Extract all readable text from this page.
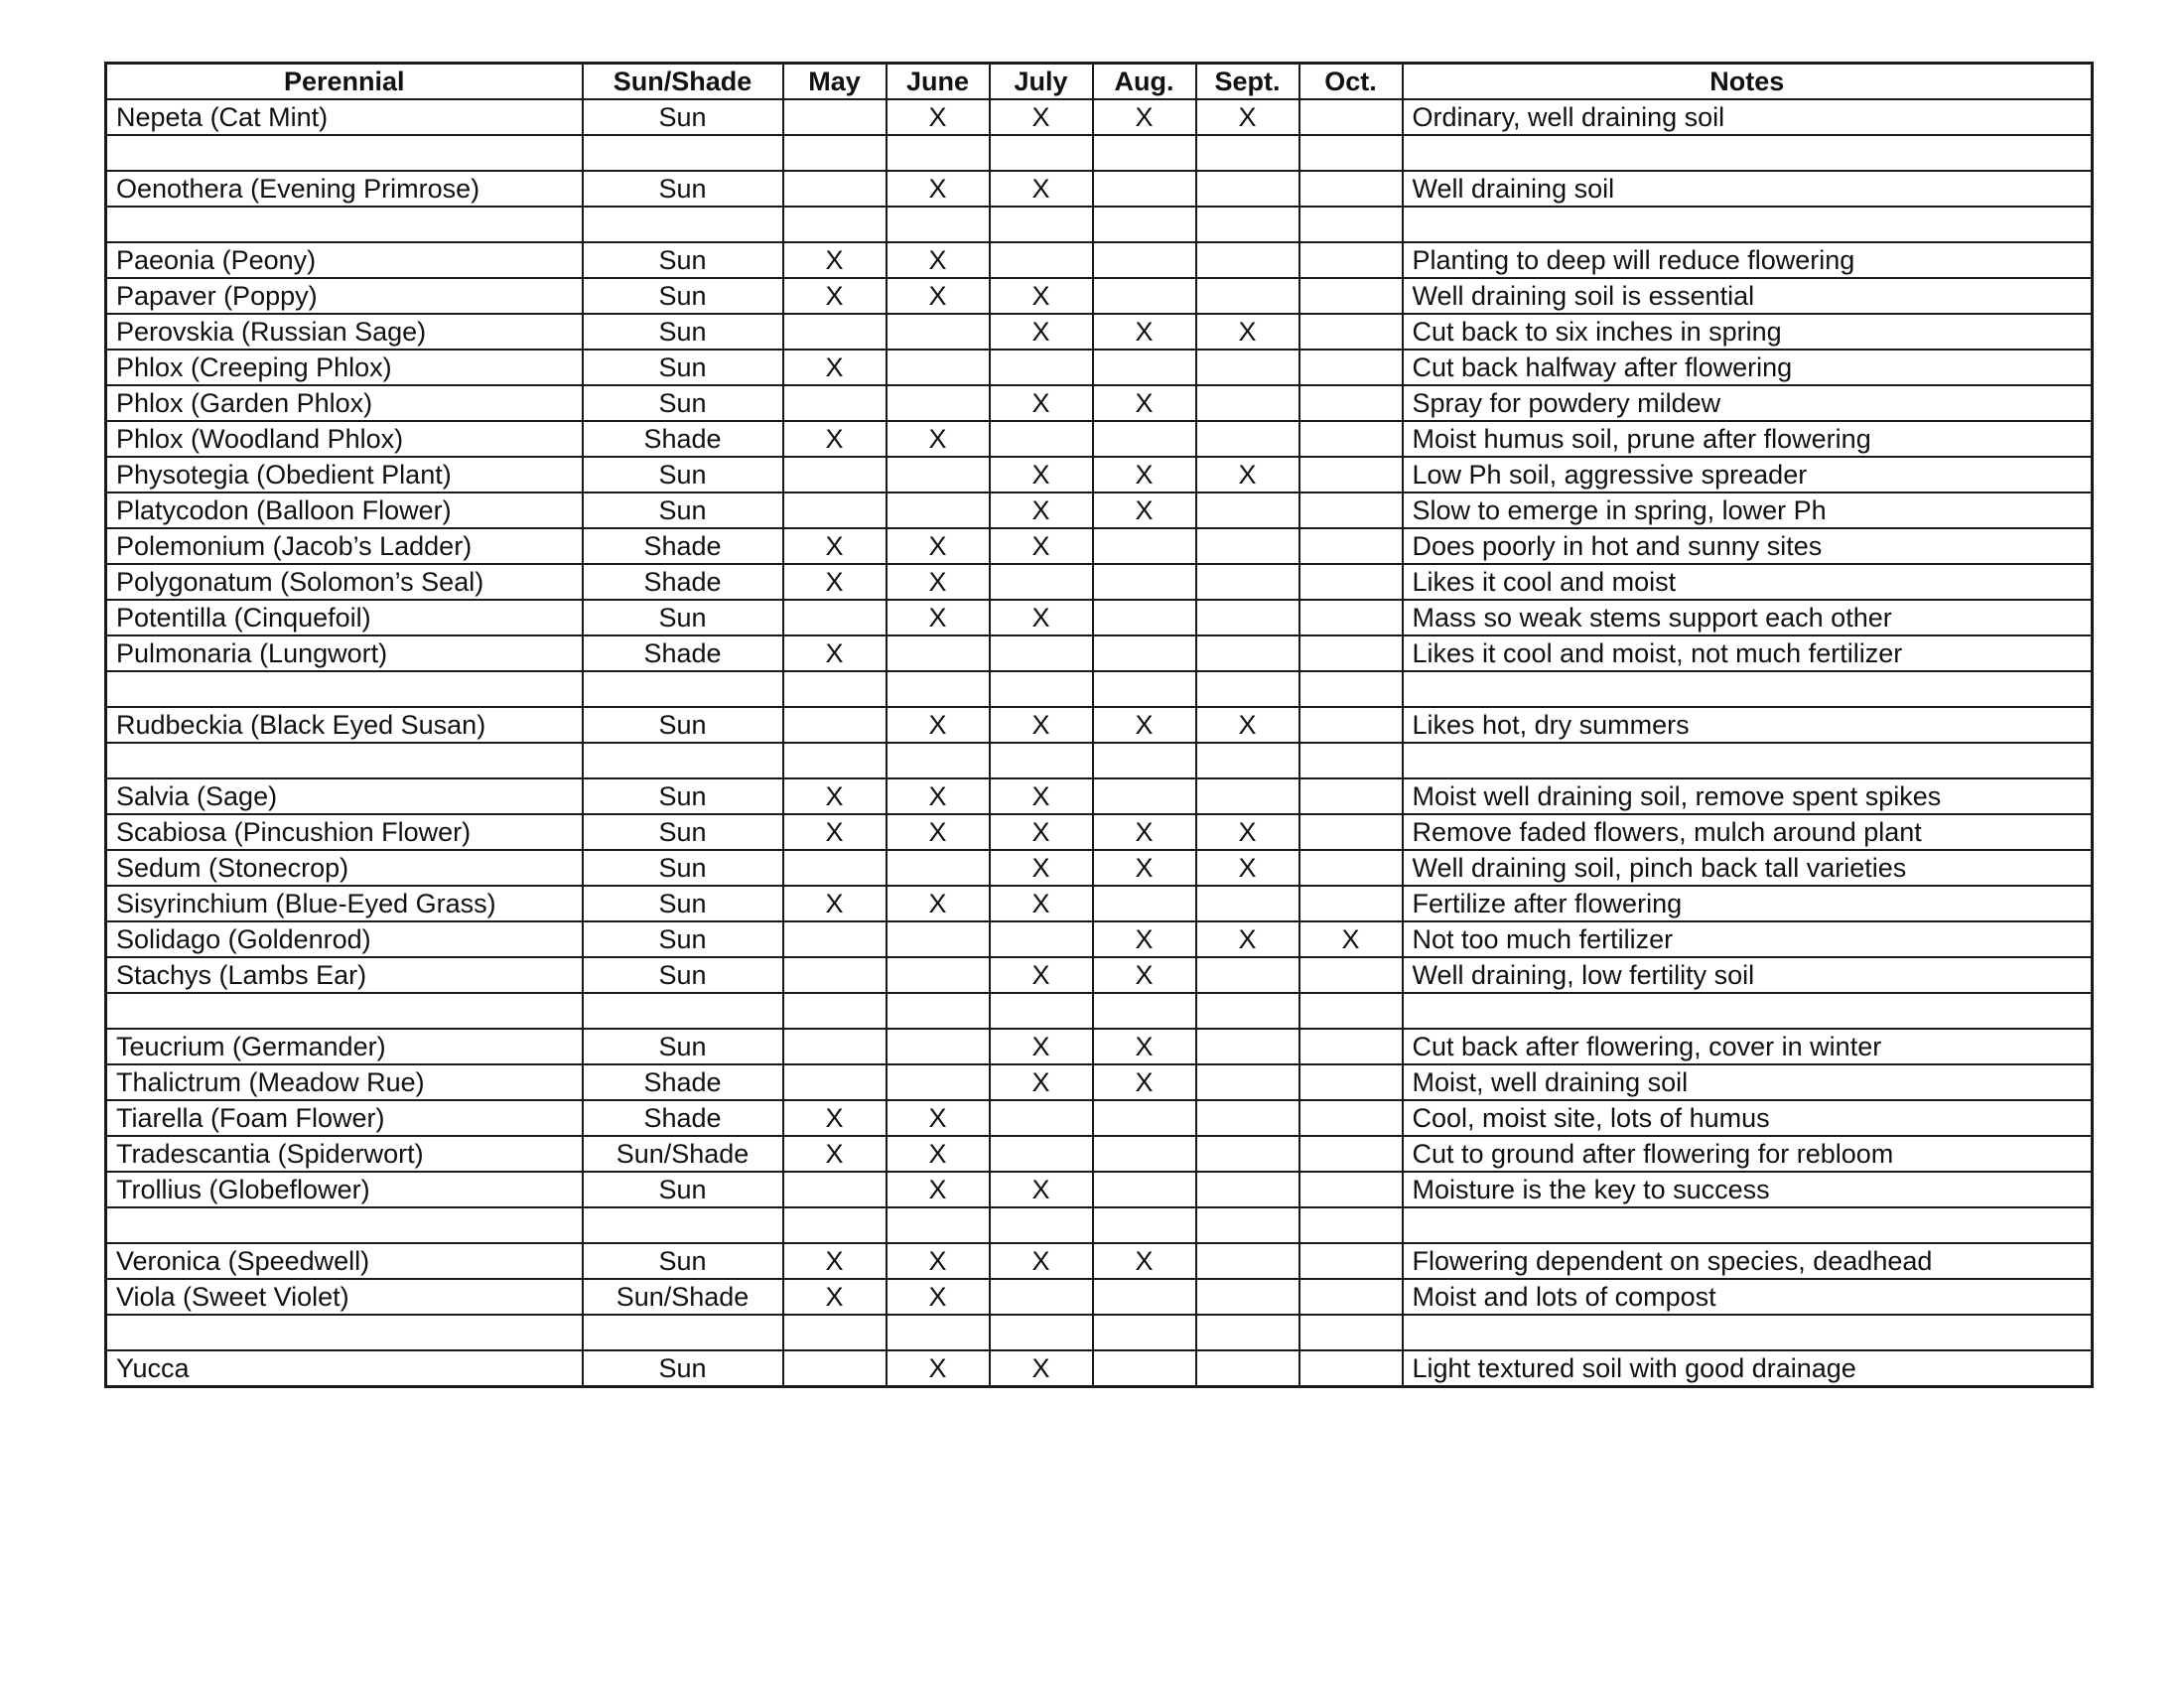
Perennial	Sun/Shade	May	June	July	Aug.	Sept.	Oct.	Notes
Nepeta (Cat Mint)	Sun		X	X	X	X		Ordinary, well draining soil

Oenothera (Evening Primrose)	Sun		X	X				Well draining soil

Paeonia (Peony)	Sun	X	X					Planting to deep will reduce flowering
Papaver (Poppy)	Sun	X	X	X				Well draining soil is essential
Perovskia (Russian Sage)	Sun			X	X	X		Cut back to six inches in spring
Phlox (Creeping Phlox)	Sun	X						Cut back halfway after flowering
Phlox (Garden Phlox)	Sun			X	X			Spray for powdery mildew
Phlox (Woodland Phlox)	Shade	X	X					Moist humus soil, prune after flowering
Physotegia (Obedient Plant)	Sun			X	X	X		Low Ph soil, aggressive spreader
Platycodon (Balloon Flower)	Sun			X	X			Slow to emerge in spring, lower Ph
Polemonium (Jacob’s Ladder)	Shade	X	X	X				Does poorly in hot and sunny sites
Polygonatum (Solomon’s Seal)	Shade	X	X					Likes it cool and moist
Potentilla (Cinquefoil)	Sun		X	X				Mass so weak stems support each other
Pulmonaria (Lungwort)	Shade	X						Likes it cool and moist, not much fertilizer

Rudbeckia (Black Eyed Susan)	Sun		X	X	X	X		Likes hot, dry summers

Salvia (Sage)	Sun	X	X	X				Moist well draining soil, remove spent spikes
Scabiosa (Pincushion Flower)	Sun	X	X	X	X	X		Remove faded flowers, mulch around plant
Sedum (Stonecrop)	Sun			X	X	X		Well draining soil, pinch back tall varieties
Sisyrinchium (Blue-Eyed Grass)	Sun	X	X	X				Fertilize after flowering
Solidago (Goldenrod)	Sun				X	X	X	Not too much fertilizer
Stachys (Lambs Ear)	Sun			X	X			Well draining, low fertility soil

Teucrium (Germander)	Sun			X	X			Cut back after flowering, cover in winter
Thalictrum (Meadow Rue)	Shade			X	X			Moist, well draining soil
Tiarella (Foam Flower)	Shade	X	X					Cool, moist site, lots of humus
Tradescantia (Spiderwort)	Sun/Shade	X	X					Cut to ground after flowering for rebloom
Trollius (Globeflower)	Sun		X	X				Moisture is the key to success

Veronica (Speedwell)	Sun	X	X	X	X			Flowering dependent on species, deadhead
Viola (Sweet Violet)	Sun/Shade	X	X					Moist and lots of compost

Yucca	Sun		X	X				Light textured soil with good drainage
